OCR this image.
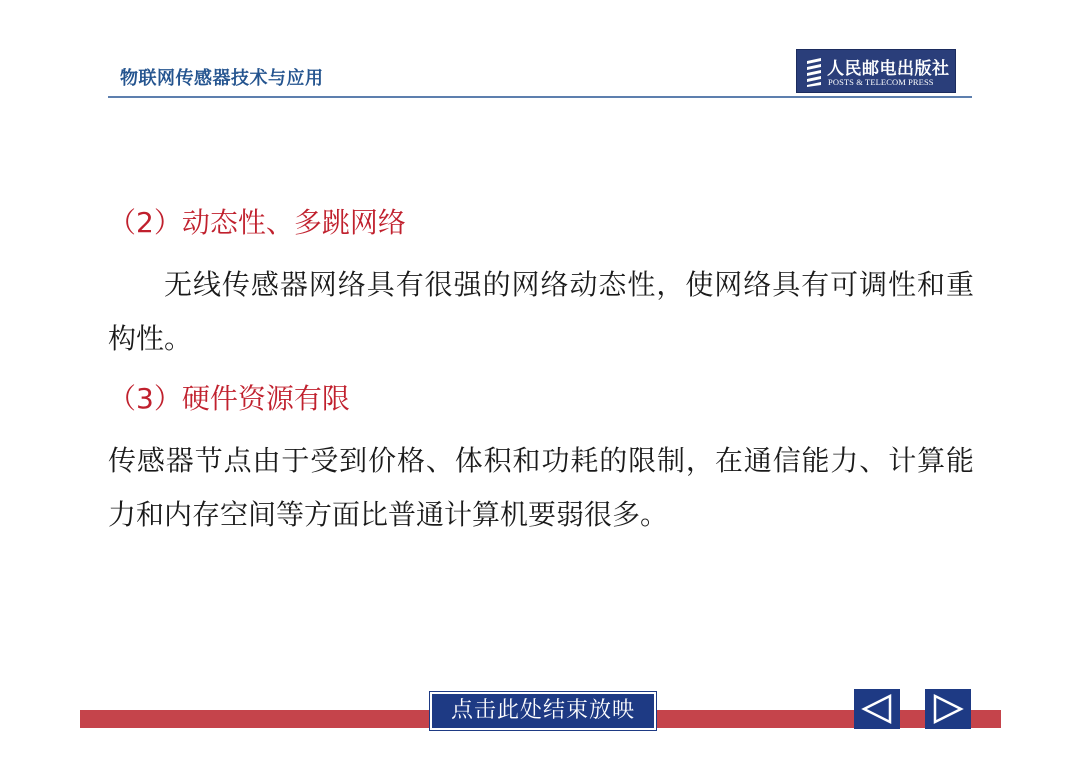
物联网传感器技术与应用	人民邮电出版社
POSTS & TELECOM PRESS
（2）动态性、多跳网络
无线传感器网络具有很强的网络动态性，使网络具有可调性和重构性。
（3）硬件资源有限
传感器节点由于受到价格、体积和功耗的限制，在通信能力、计算能力和内存空间等方面比普通计算机要弱很多。
点击此处结束放映
